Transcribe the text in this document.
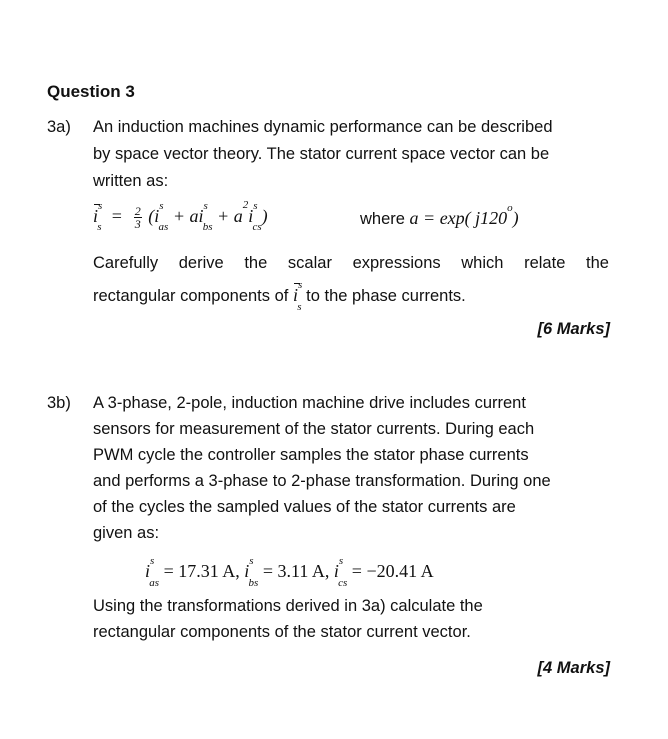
Question 3
3a) An induction machines dynamic performance can be described
by space vector theory. The stator current space vector can be
written as:
$i^s_s = \frac{2}{3} (i^s_{as} + ai^s_{bs} + a^2i^s_{cs})$	where a = exp( j120$^o$)
Carefully derive the scalar expressions which relate the
rectangular components of $i^s_s$ to the phase currents.
[6 Marks]
3b) A 3-phase, 2-pole, induction machine drive includes current
sensors for measurement of the stator currents. During each
PWM cycle the controller samples the stator phase currents
and performs a 3-phase to 2-phase transformation. During one
of the cycles the sampled values of the stator currents are
given as:
$i^s_{as} = 17.31$ A, $i^s_{bs} = 3.11$ A, $i^s_{cs} = -20.41$ A
Using the transformations derived in 3a) calculate the
rectangular components of the stator current vector.
[4 Marks]
